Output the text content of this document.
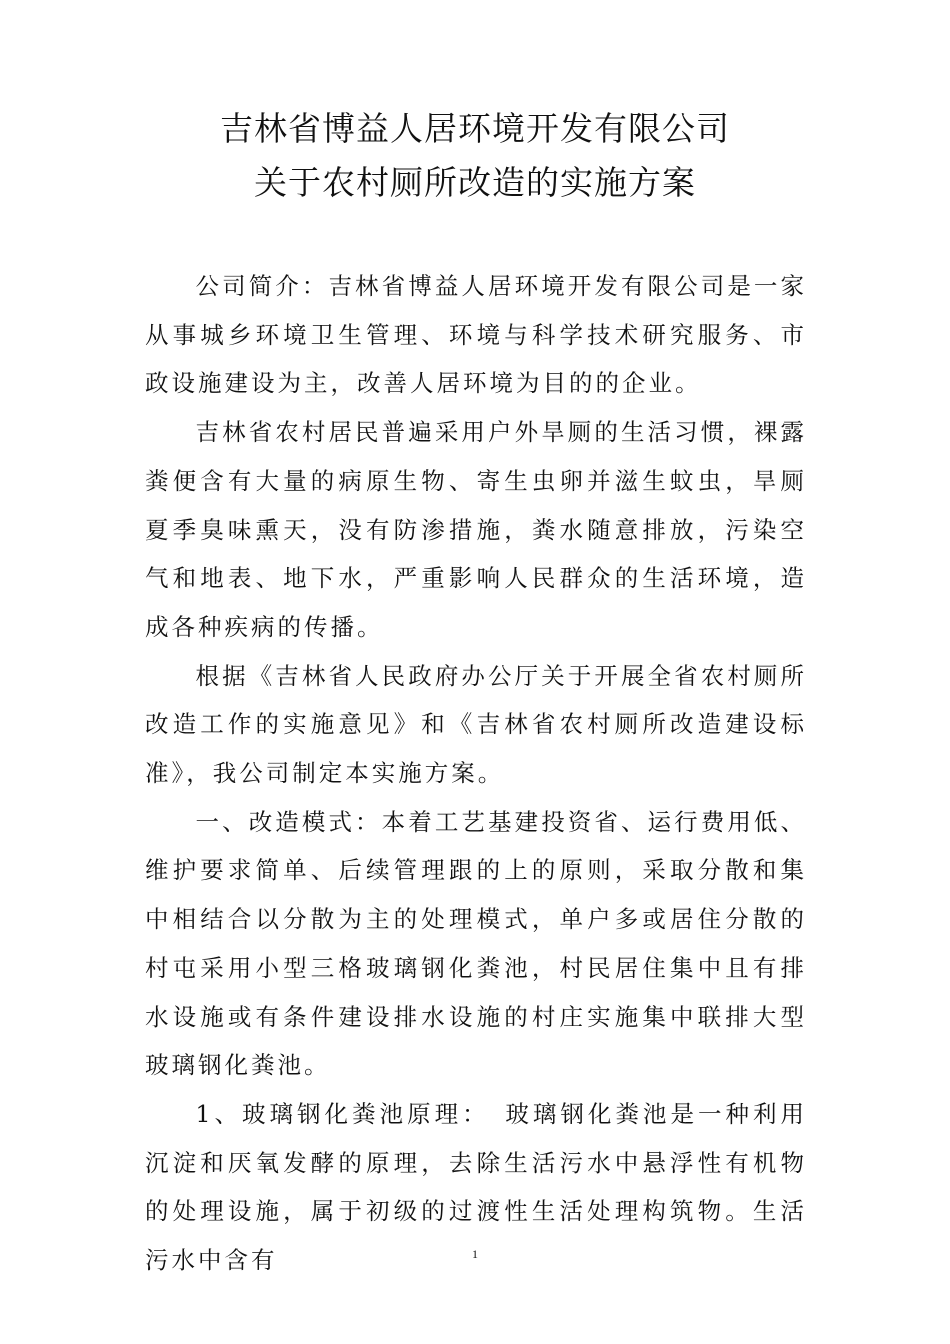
吉林省博益人居环境开发有限公司
关于农村厕所改造的实施方案

公司简介：吉林省博益人居环境开发有限公司是一家从事城乡环境卫生管理、环境与科学技术研究服务、市政设施建设为主，改善人居环境为目的的企业。

吉林省农村居民普遍采用户外旱厕的生活习惯，裸露粪便含有大量的病原生物、寄生虫卵并滋生蚊虫，旱厕夏季臭味熏天，没有防渗措施，粪水随意排放，污染空气和地表、地下水，严重影响人民群众的生活环境，造成各种疾病的传播。

根据《吉林省人民政府办公厅关于开展全省农村厕所改造工作的实施意见》和《吉林省农村厕所改造建设标准》，我公司制定本实施方案。

一、改造模式：本着工艺基建投资省、运行费用低、维护要求简单、后续管理跟的上的原则，采取分散和集中相结合以分散为主的处理模式，单户多或居住分散的村屯采用小型三格玻璃钢化粪池，村民居住集中且有排水设施或有条件建设排水设施的村庄实施集中联排大型玻璃钢化粪池。

1、玻璃钢化粪池原理：　玻璃钢化粪池是一种利用沉淀和厌氧发酵的原理，去除生活污水中悬浮性有机物的处理设施，属于初级的过渡性生活处理构筑物。生活污水中含有	1
